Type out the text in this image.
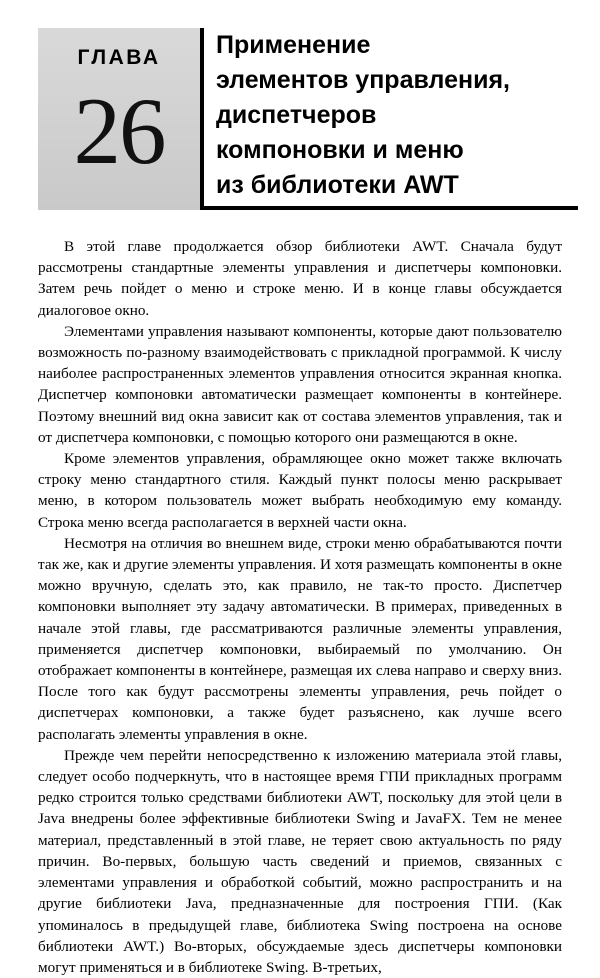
ГЛАВА
26
Применение
элементов управления,
диспетчеров
компоновки и меню
из библиотеки AWT

В этой главе продолжается обзор библиотеки AWT. Сначала будут рассмотрены стандартные элементы управления и диспетчеры компоновки. Затем речь пойдет о меню и строке меню. И в конце главы обсуждается диалоговое окно.

Элементами управления называют компоненты, которые дают пользователю возможность по-разному взаимодействовать с прикладной программой. К числу наиболее распространенных элементов управления относится экранная кнопка. Диспетчер компоновки автоматически размещает компоненты в контейнере. Поэтому внешний вид окна зависит как от состава элементов управления, так и от диспетчера компоновки, с помощью которого они размещаются в окне.

Кроме элементов управления, обрамляющее окно может также включать строку меню стандартного стиля. Каждый пункт полосы меню раскрывает меню, в котором пользователь может выбрать необходимую ему команду. Строка меню всегда располагается в верхней части окна.

Несмотря на отличия во внешнем виде, строки меню обрабатываются почти так же, как и другие элементы управления. И хотя размещать компоненты в окне можно вручную, сделать это, как правило, не так-то просто. Диспетчер компоновки выполняет эту задачу автоматически. В примерах, приведенных в начале этой главы, где рассматриваются различные элементы управления, применяется диспетчер компоновки, выбираемый по умолчанию. Он отображает компоненты в контейнере, размещая их слева направо и сверху вниз. После того как будут рассмотрены элементы управления, речь пойдет о диспетчерах компоновки, а также будет разъяснено, как лучше всего располагать элементы управления в окне.

Прежде чем перейти непосредственно к изложению материала этой главы, следует особо подчеркнуть, что в настоящее время ГПИ прикладных программ редко строится только средствами библиотеки AWT, поскольку для этой цели в Java внедрены более эффективные библиотеки Swing и JavaFX. Тем не менее материал, представленный в этой главе, не теряет свою актуальность по ряду причин. Во-первых, большую часть сведений и приемов, связанных с элементами управления и обработкой событий, можно распространить и на другие библиотеки Java, предназначенные для построения ГПИ. (Как упоминалось в предыдущей главе, библиотека Swing построена на основе библиотеки AWT.) Во-вторых, обсуждаемые здесь диспетчеры компоновки могут применяться и в библиотеке Swing. В-третьих,
